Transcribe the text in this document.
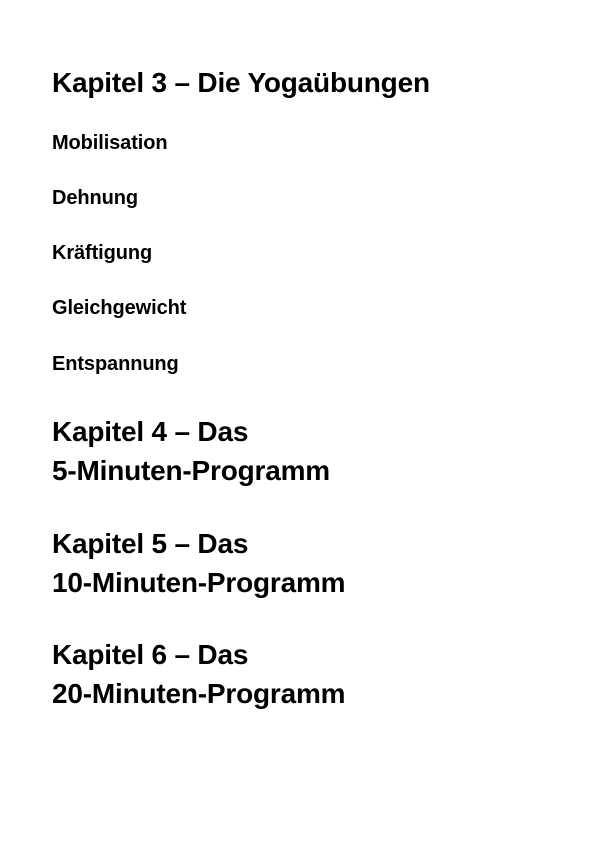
Kapitel 3 – Die Yogaübungen

Mobilisation

Dehnung

Kräftigung

Gleichgewicht

Entspannung

Kapitel 4 – Das
5-Minuten-Programm
Kapitel 5 – Das
10-Minuten-Programm
Kapitel 6 – Das
20-Minuten-Programm
